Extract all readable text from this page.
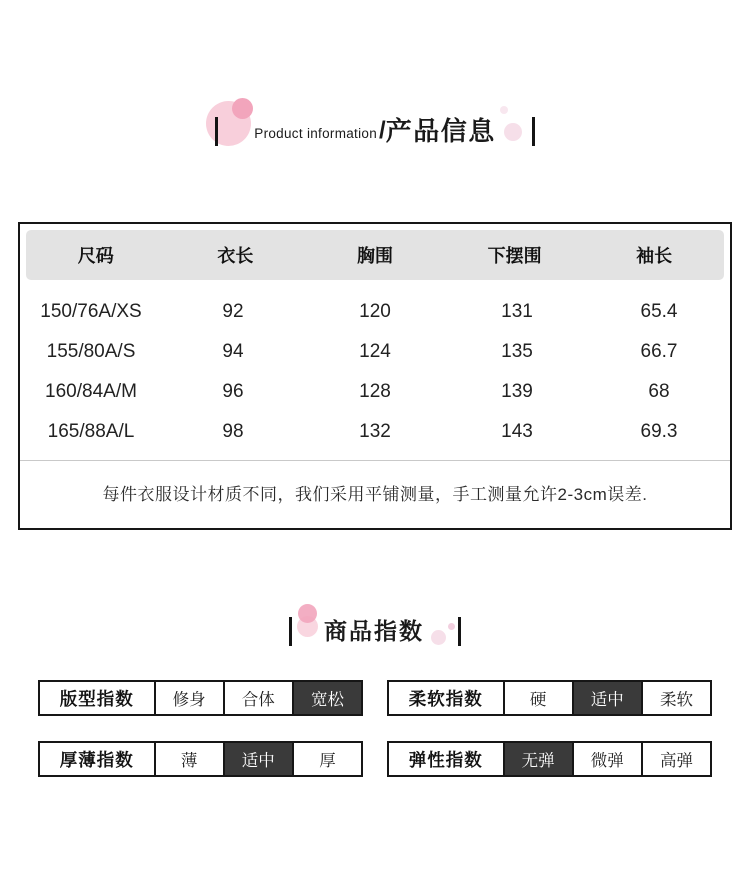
Product information / 产品信息
尺码	衣长	胸围	下摆围	袖长
150/76A/XS	92	120	131	65.4
155/80A/S	94	124	135	66.7
160/84A/M	96	128	139	68
165/88A/L	98	132	143	69.3
每件衣服设计材质不同，我们采用平铺测量，手工测量允许2-3cm误差.
商品指数
版型指数	修身	合体	宽松	柔软指数	硬	适中	柔软
厚薄指数	薄	适中	厚	弹性指数	无弹	微弹	高弹
